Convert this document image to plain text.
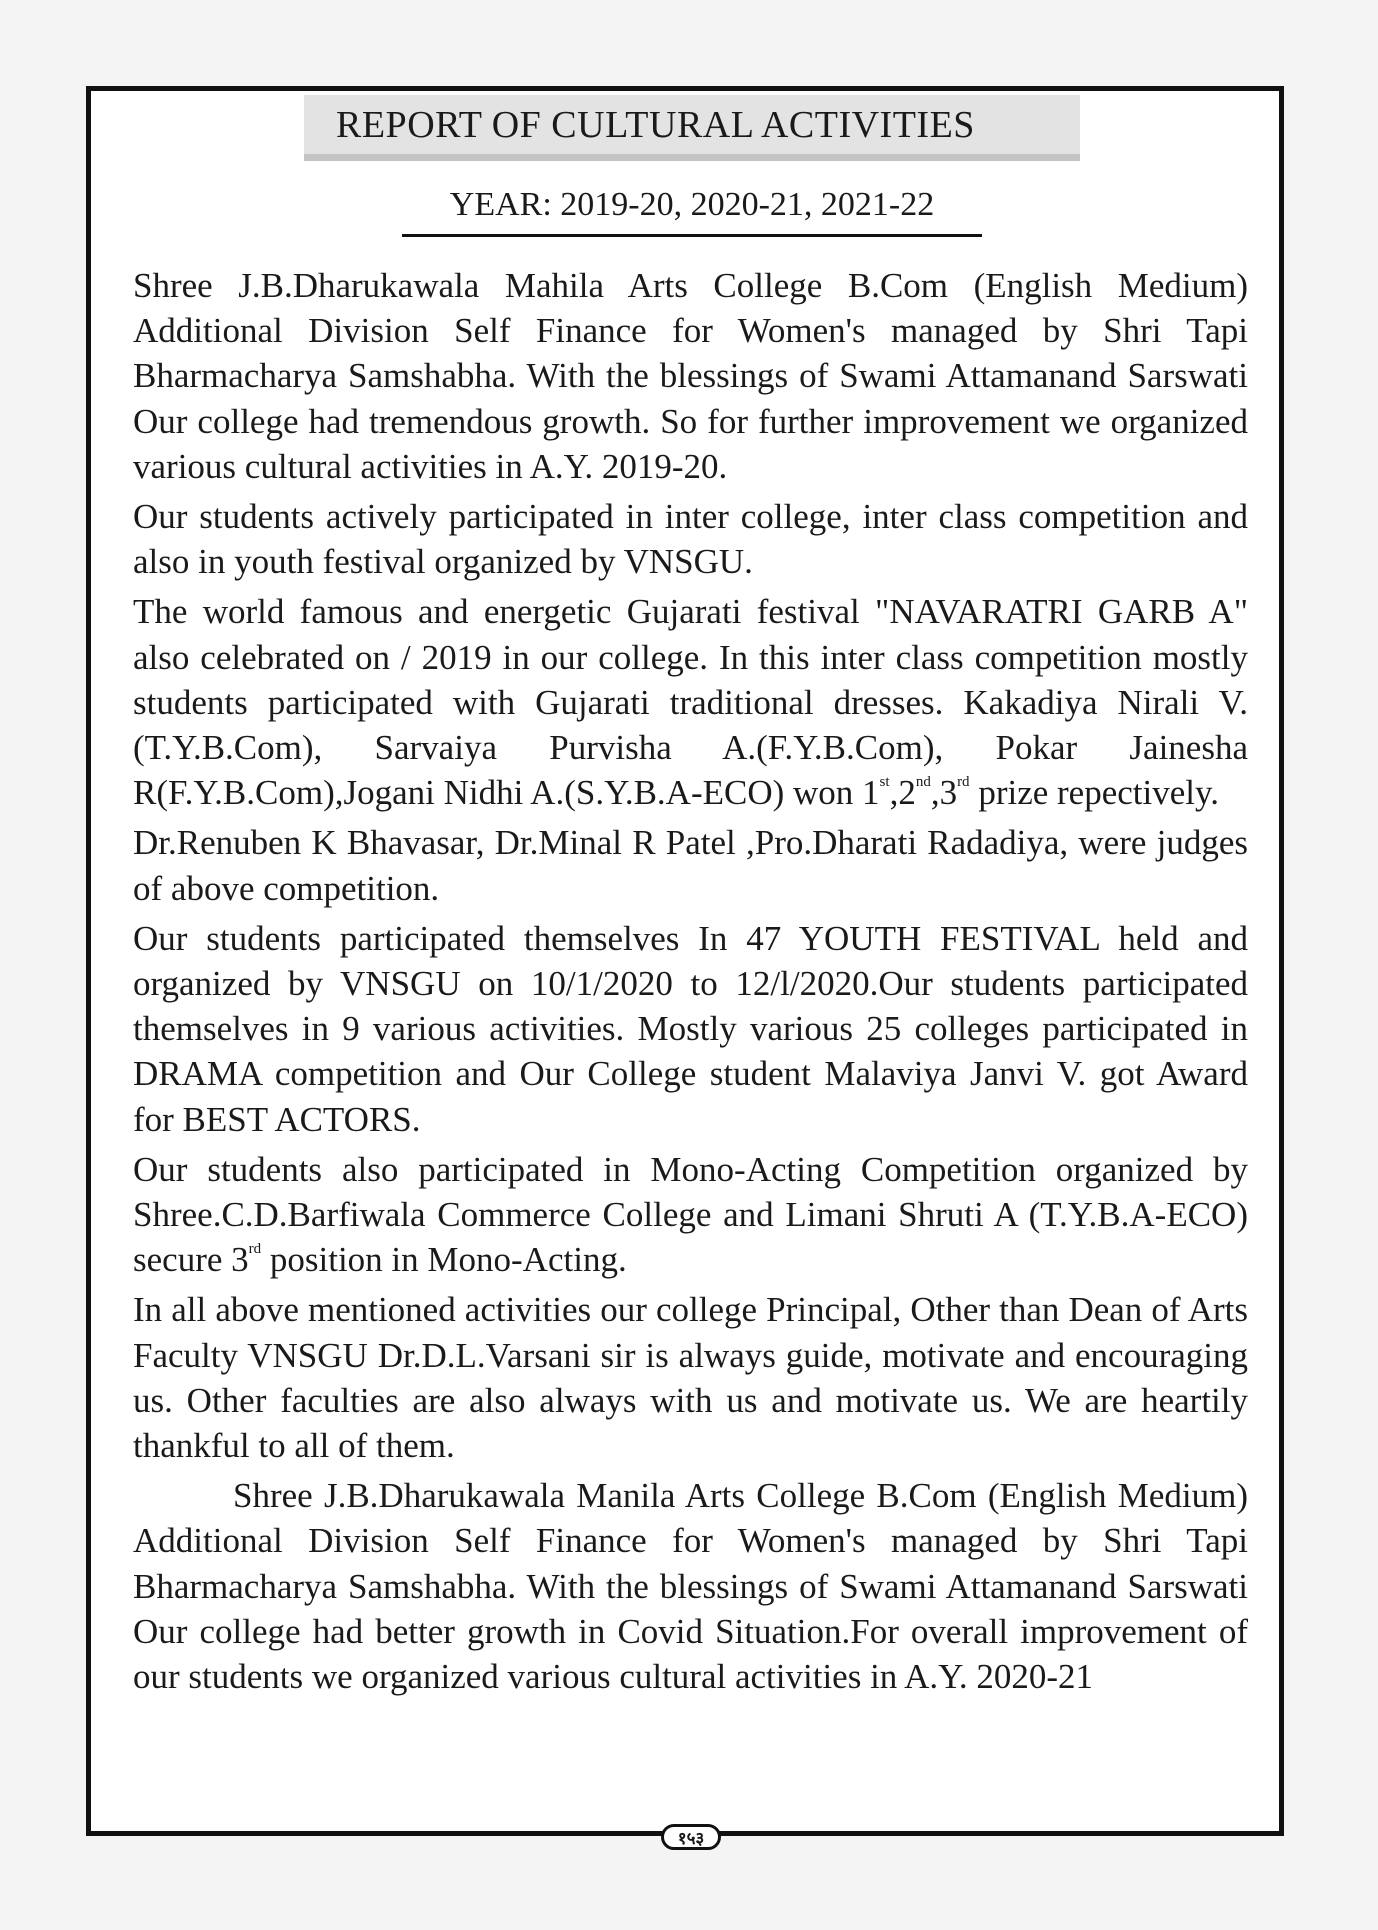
REPORT OF CULTURAL ACTIVITIES
YEAR: 2019-20, 2020-21, 2021-22

Shree J.B.Dharukawala Mahila Arts College B.Com (English Medium) Additional Division Self Finance for Women's managed by Shri Tapi Bharmacharya Samshabha. With the blessings of Swami Attamanand Sarswati Our college had tremendous growth. So for further improvement we organized various cultural activities in A.Y. 2019-20.

Our students actively participated in inter college, inter class competition and also in youth festival organized by VNSGU.

The world famous and energetic Gujarati festival "NAVARATRI GARB A" also celebrated on / 2019 in our college. In this inter class competition mostly students participated with Gujarati traditional dresses. Kakadiya Nirali V. (T.Y.B.Com), Sarvaiya Purvisha A.(F.Y.B.Com), Pokar Jainesha R(F.Y.B.Com),Jogani Nidhi A.(S.Y.B.A-ECO) won 1st,2nd,3rd prize repectively.

Dr.Renuben K Bhavasar, Dr.Minal R Patel ,Pro.Dharati Radadiya, were judges of above competition.

Our students participated themselves In 47 YOUTH FESTIVAL held and organized by VNSGU on 10/1/2020 to 12/l/2020.Our students participated themselves in 9 various activities. Mostly various 25 colleges participated in DRAMA competition and Our College student Malaviya Janvi V. got Award for BEST ACTORS.

Our students also participated in Mono-Acting Competition organized by Shree.C.D.Barfiwala Commerce College and Limani Shruti A (T.Y.B.A-ECO) secure 3rd position in Mono-Acting.

In all above mentioned activities our college Principal, Other than Dean of Arts Faculty VNSGU Dr.D.L.Varsani sir is always guide, motivate and encouraging us. Other faculties are also always with us and motivate us. We are heartily thankful to all of them.

Shree J.B.Dharukawala Manila Arts College B.Com (English Medium) Additional Division Self Finance for Women's managed by Shri Tapi Bharmacharya Samshabha. With the blessings of Swami Attamanand Sarswati Our college had better growth in Covid Situation.For overall improvement of our students we organized various cultural activities in A.Y. 2020-21

१५३
